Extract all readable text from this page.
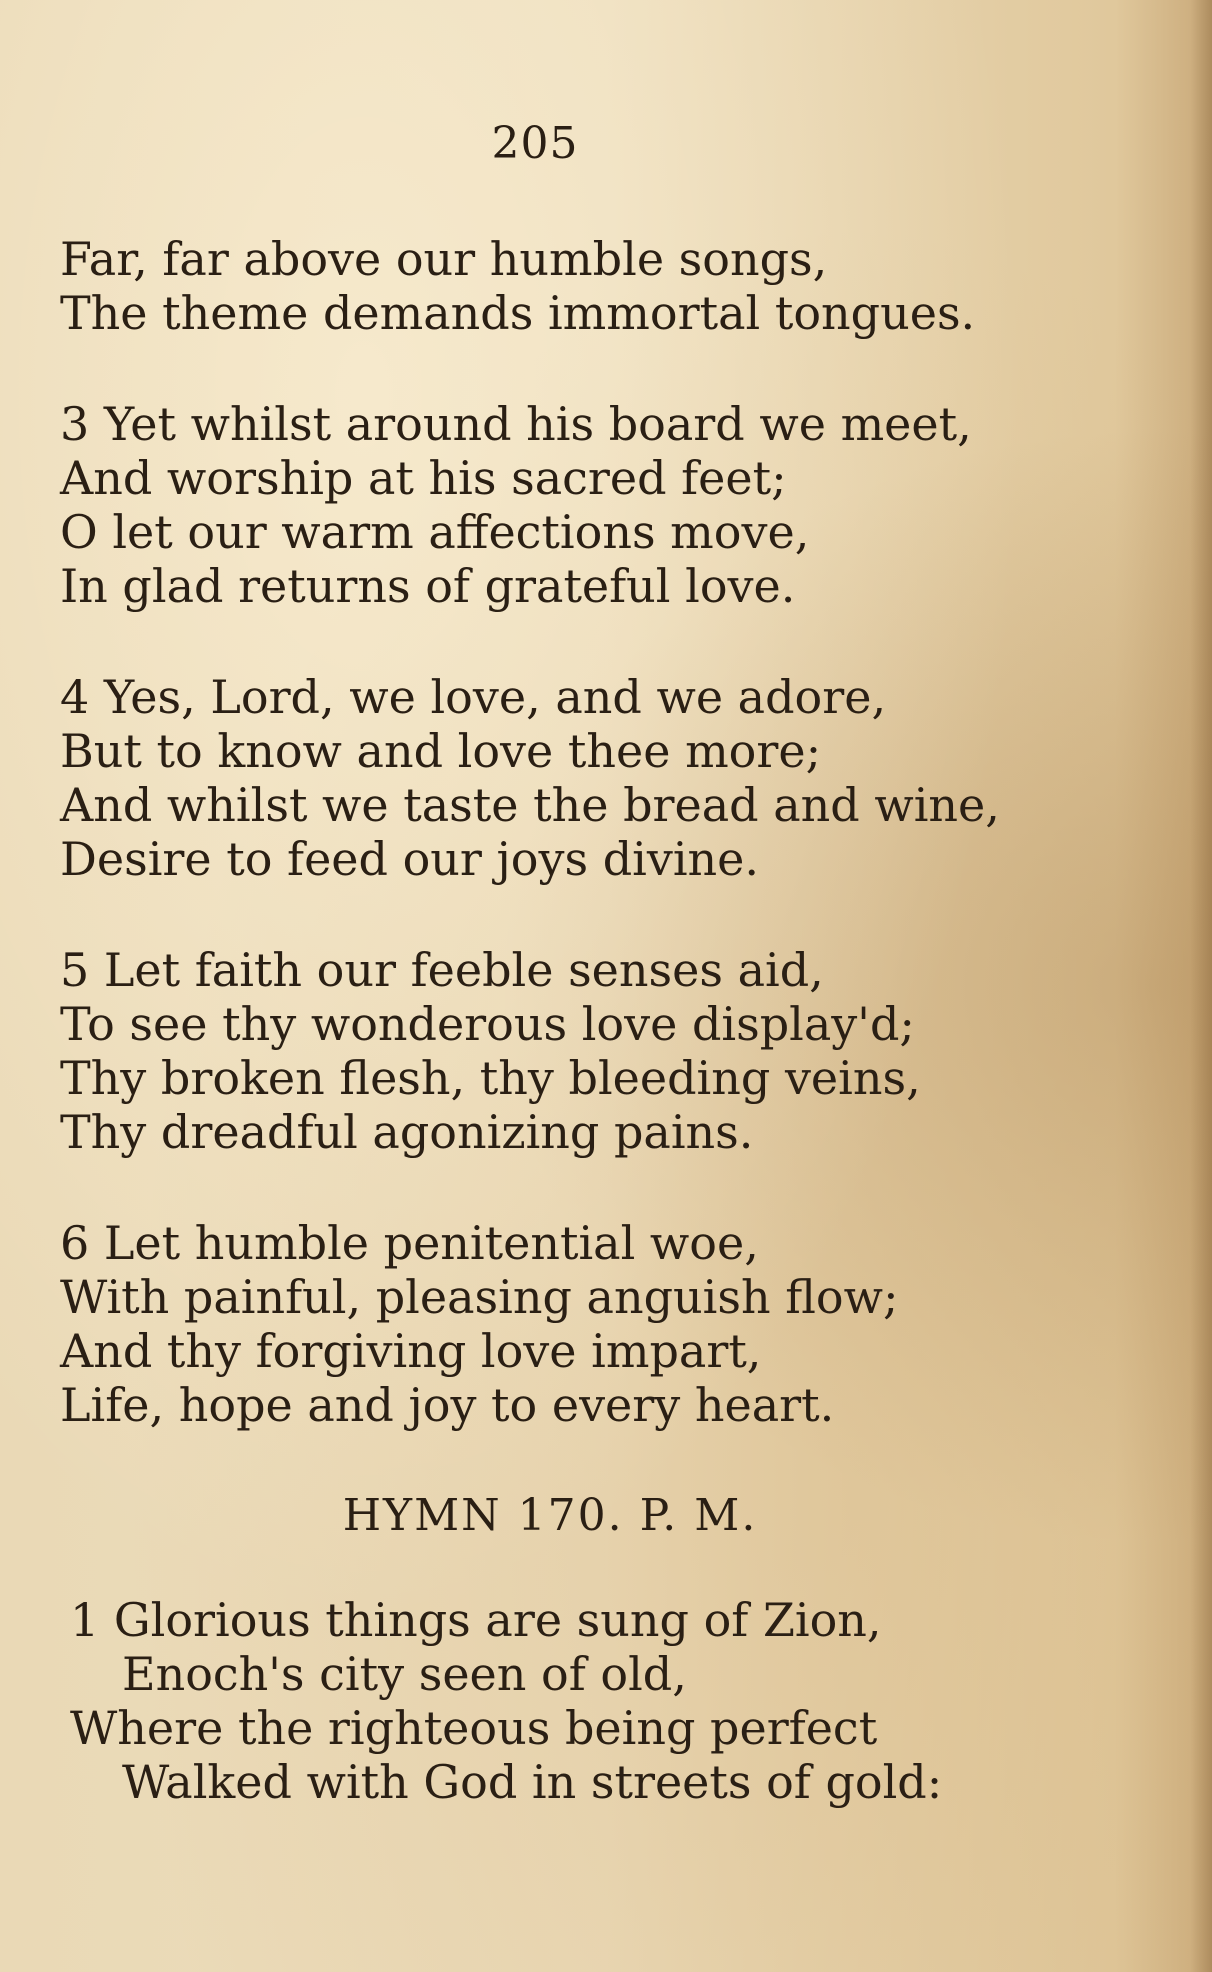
205
Far, far above our humble songs,
The theme demands immortal tongues.
3 Yet whilst around his board we meet,
And worship at his sacred feet;
O let our warm affections move,
In glad returns of grateful love.
4 Yes, Lord, we love, and we adore,
But to know and love thee more;
And whilst we taste the bread and wine,
Desire to feed our joys divine.
5 Let faith our feeble senses aid,
To see thy wonderous love display'd;
Thy broken flesh, thy bleeding veins,
Thy dreadful agonizing pains.
6 Let humble penitential woe,
With painful, pleasing anguish flow;
And thy forgiving love impart,
Life, hope and joy to every heart.
HYMN 170. P. M.
1 Glorious things are sung of Zion,
Enoch's city seen of old,
Where the righteous being perfect
Walked with God in streets of gold:
